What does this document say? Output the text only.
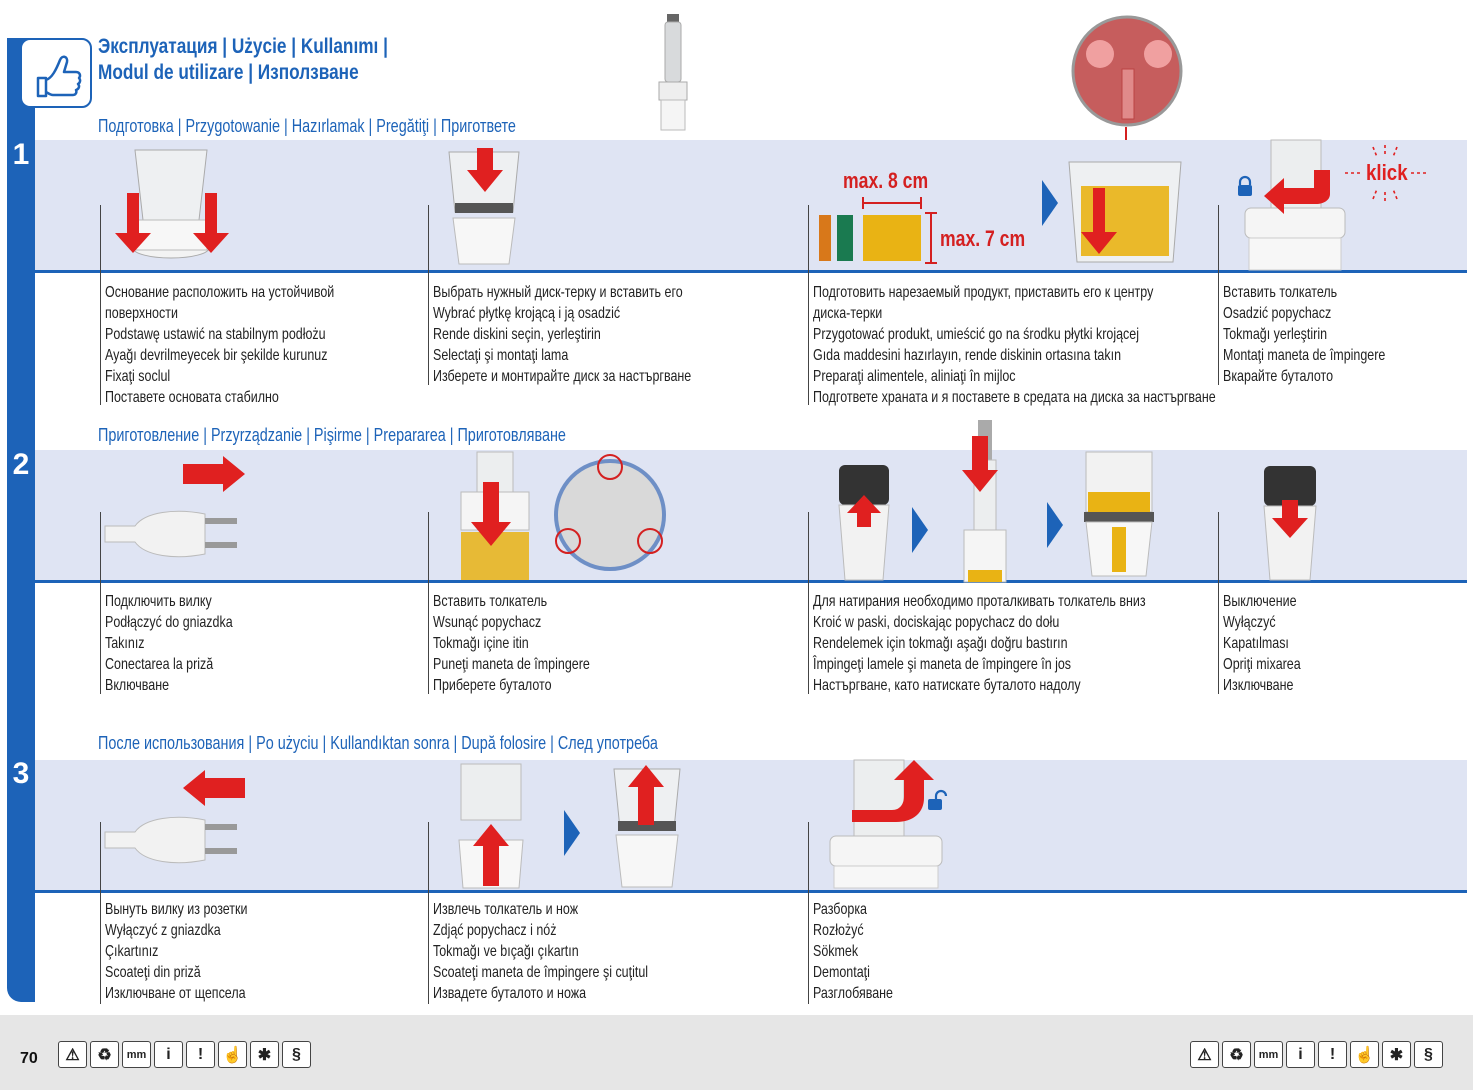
Эксплуатация | Użycie | Kullanımı |
Modul de utilizare | Използване
Подготовка | Przygotowanie | Hazırlamak | Pregătiţi | Пригответе
1
max. 8 cm
max. 7 cm
klick
Основание расположить на устойчивой
поверхности
Podstawę ustawić na stabilnym podłożu
Ayağı devrilmeyecek bir şekilde kurunuz
Fixaţi soclul
Поставете основата стабилно
Выбрать нужный диск-терку и вставить его
Wybrać płytkę krojącą i ją osadzić
Rende diskini seçin, yerleştirin
Selectaţi şi montaţi lama
Изберете и монтирайте диск за настъргване
Подготовить нарезаемый продукт, приставить его к центру
диска-терки
Przygotować produkt, umieścić go na środku płytki krojącej
Gıda maddesini hazırlayın, rende diskinin ortasına takın
Preparaţi alimentele, aliniaţi în mijloc
Подгответе храната и я поставете в средата на диска за настъргване
Вставить толкатель
Osadzić popychacz
Tokmağı yerleştirin
Montaţi maneta de împingere
Вкарайте буталото
Приготовление | Przyrządzanie | Pişirme | Prepararea | Приготовляване
2
Подключить вилку
Podłączyć do gniazdka
Takınız
Conectarea la priză
Включване
Вставить толкатель
Wsunąć popychacz
Tokmağı içine itin
Puneţi maneta de împingere
Приберете буталото
Для натирания необходимо проталкивать толкатель вниз
Kroić w paski, dociskając popychacz do dołu
Rendelemek için tokmağı aşağı doğru bastırın
Împingeţi lamele şi maneta de împingere în jos
Настъргване, като натискате буталото надолу
Выключение
Wyłączyć
Kapatılması
Opriţi mixarea
Изключване
После использования | Po użyciu | Kullandıktan sonra | După folosire | След употреба
3
Вынуть вилку из розетки
Wyłączyć z gniazdka
Çıkartınız
Scoateţi din priză
Изключване от щепсела
Извлечь толкатель и нож
Zdjąć popychacz i nóż
Tokmağı ve bıçağı çıkartın
Scoateţi maneta de împingere şi cuţitul
Извадете буталото и ножа
Разборка
Rozłożyć
Sökmek
Demontaţi
Разглобяване
70	⚠	♻	mm	i	!	☝ ✱	§	⚠	♻	mm	i	!	☝ ✱	§
